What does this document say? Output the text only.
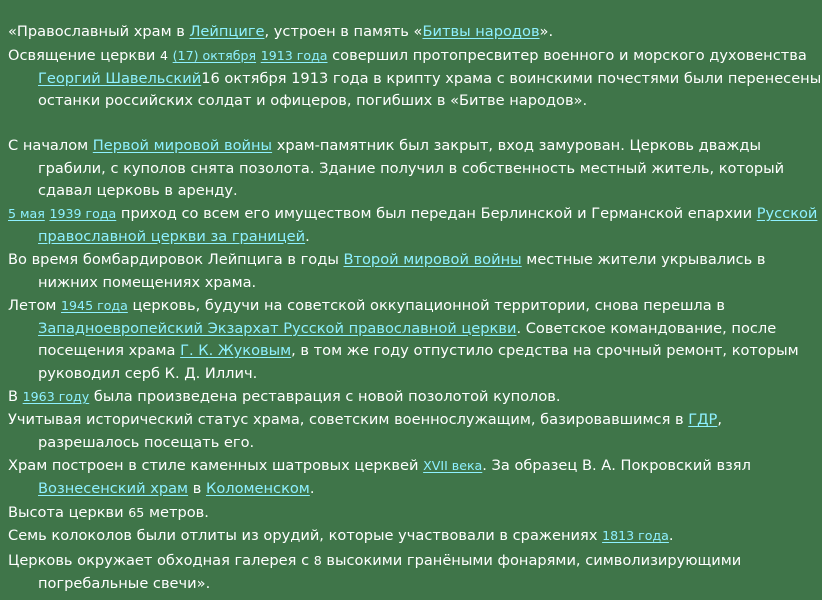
«Православный храм в Лейпциге, устроен в память «Битвы народов».
Освящение церкви 4 (17) октября 1913 года совершил протопресвитер военного и морского духовенства Георгий Шавельский16 октября 1913 года в крипту храма с воинскими почестями были перенесены останки российских солдат и офицеров, погибших в «Битве народов».
С началом Первой мировой войны храм-памятник был закрыт, вход замурован. Церковь дважды грабили, с куполов снята позолота. Здание получил в собственность местный житель, который сдавал церковь в аренду.
5 мая 1939 года приход со всем его имуществом был передан Берлинской и Германской епархии Русской православной церкви за границей.
Во время бомбардировок Лейпцига в годы Второй мировой войны местные жители укрывались в нижних помещениях храма.
Летом 1945 года церковь, будучи на советской оккупационной территории, снова перешла в Западноевропейский Экзархат Русской православной церкви. Советское командование, после посещения храма Г. К. Жуковым, в том же году отпустило средства на срочный ремонт, которым руководил серб К. Д. Иллич.
В 1963 году была произведена реставрация с новой позолотой куполов.
Учитывая исторический статус храма, советским военнослужащим, базировавшимся в ГДР, разрешалось посещать его.
Храм построен в стиле каменных шатровых церквей XVII века. За образец В. А. Покровский взял Вознесенский храм в Коломенском.
Высота церкви 65 метров.
Семь колоколов были отлиты из орудий, которые участвовали в сражениях 1813 года.
Церковь окружает обходная галерея с 8 высокими гранёными фонарями, символизирующими погребальные свечи».
